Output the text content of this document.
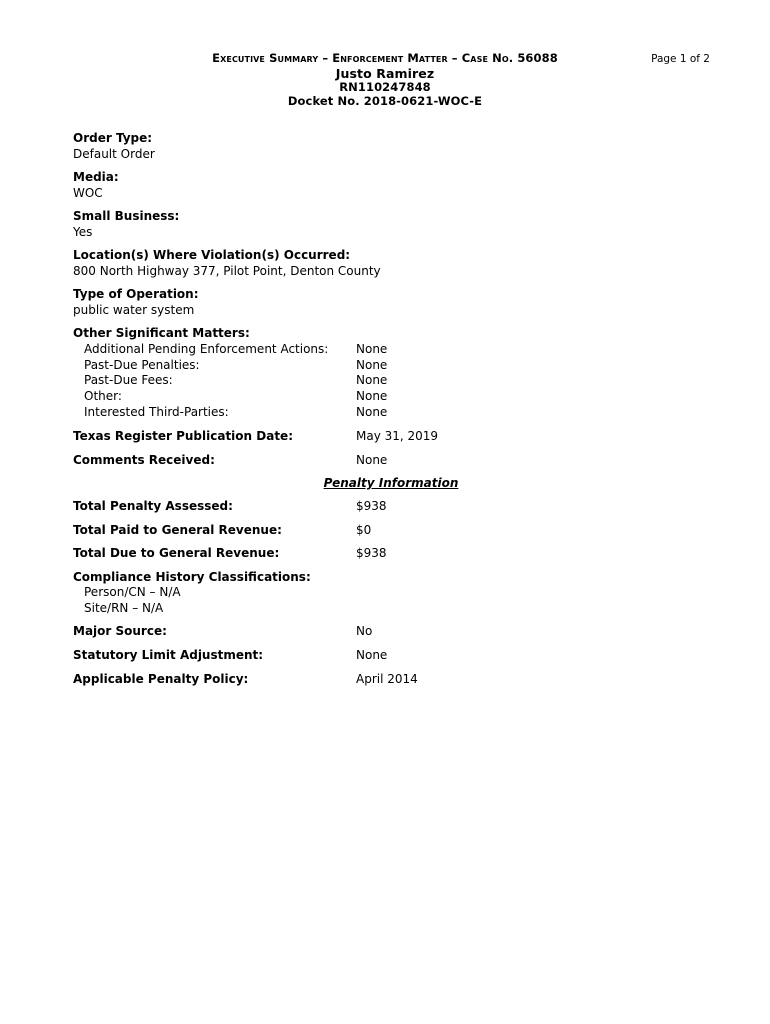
Executive Summary – Enforcement Matter – Case No. 56088
Justo Ramirez
RN110247848
Docket No. 2018-0621-WOC-E
Page 1 of 2
Order Type:
Default Order
Media:
WOC
Small Business:
Yes
Location(s) Where Violation(s) Occurred:
800 North Highway 377, Pilot Point, Denton County
Type of Operation:
public water system
Other Significant Matters:
Additional Pending Enforcement Actions: None
Past-Due Penalties:	None
Past-Due Fees:	None
Other:	None
Interested Third-Parties:	None
Texas Register Publication Date:	May 31, 2019
Comments Received:	None
Penalty Information
Total Penalty Assessed:	$938
Total Paid to General Revenue:	$0
Total Due to General Revenue:	$938
Compliance History Classifications:
Person/CN – N/A
Site/RN – N/A
Major Source:	No
Statutory Limit Adjustment:	None
Applicable Penalty Policy:	April 2014
